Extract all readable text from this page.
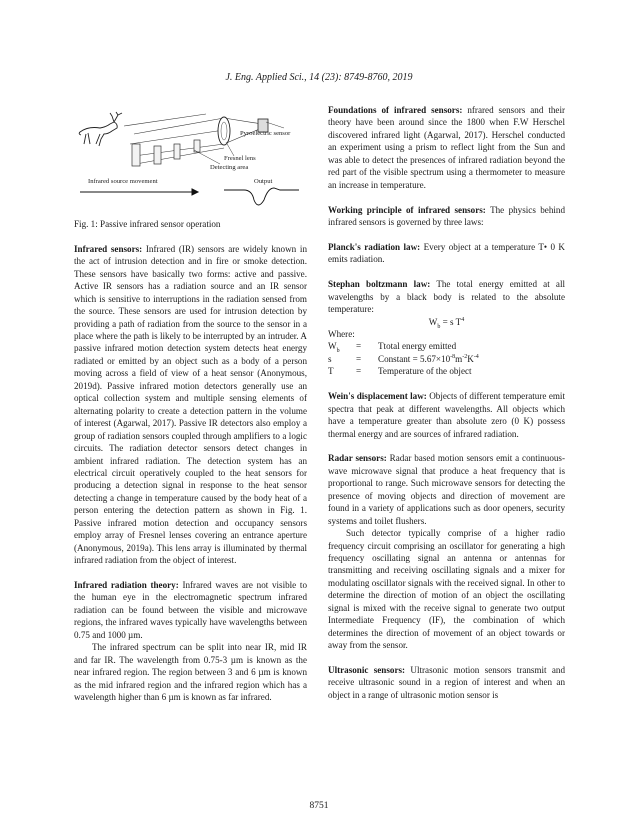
J. Eng. Applied Sci., 14 (23): 8749-8760, 2019
Pyroelectric sensor
Fresnel lens
Detecting area
Infrared source movement	Output

Fig. 1: Passive infrared sensor operation

Infrared sensors: Infrared (IR) sensors are widely known in the act of intrusion detection and in fire or smoke detection. These sensors have basically two forms: active and passive. Active IR sensors has a radiation source and an IR sensor which is sensitive to interruptions in the radiation sensed from the source. These sensors are used for intrusion detection by providing a path of radiation from the source to the sensor in a place where the path is likely to be interrupted by an intruder. A passive infrared motion detection system detects heat energy radiated or emitted by an object such as a body of a person moving across a field of view of a heat sensor (Anonymous, 2019d). Passive infrared motion detectors generally use an optical collection system and multiple sensing elements of alternating polarity to create a detection pattern in the volume of interest (Agarwal, 2017). Passive IR detectors also employ a group of radiation sensors coupled through amplifiers to a logic circuits. The radiation detector sensors detect changes in ambient infrared radiation. The detection system has an electrical circuit operatively coupled to the heat sensors for producing a detection signal in response to the heat sensor detecting a change in temperature caused by the body heat of a person entering the detection pattern as shown in Fig. 1. Passive infrared motion detection and occupancy sensors employ array of Fresnel lenses covering an entrance aperture (Anonymous, 2019a). This lens array is illuminated by thermal infrared radiation from the object of interest.

Infrared radiation theory: Infrared waves are not visible to the human eye in the electromagnetic spectrum infrared radiation can be found between the visible and microwave regions, the infrared waves typically have wavelengths between 0.75 and 1000 µm.

The infrared spectrum can be split into near IR, mid IR and far IR. The wavelength from 0.75-3 µm is known as the near infrared region. The region between 3 and 6 µm is known as the mid infrared region and the infrared region which has a wavelength higher than 6 µm is known as far infrared.

Foundations of infrared sensors: nfrared sensors and their theory have been around since the 1800 when F.W Herschel discovered infrared light (Agarwal, 2017). Herschel conducted an experiment using a prism to reflect light from the Sun and was able to detect the presences of infrared radiation beyond the red part of the visible spectrum using a thermometer to measure an increase in temperature.

Working principle of infrared sensors: The physics behind infrared sensors is governed by three laws:

Planck's radiation law: Every object at a temperature T• 0 K emits radiation.

Stephan boltzmann law: The total energy emitted at all wavelengths by a black body is related to the absolute temperature:

$W_b = s$ $T^4$

Where:

$W_b$	=	Ttotal energy emitted
s	=	Constant = $5.67\times 10^{-8}m^{-2}K^{-4}$
T	=	Temperature of the object

Wein's displacement law: Objects of different temperature emit spectra that peak at different wavelengths. All objects which have a temperature greater than absolute zero (0 K) possess thermal energy and are sources of infrared radiation.

Radar sensors: Radar based motion sensors emit a continuous-wave microwave signal that produce a heat frequency that is proportional to range. Such microwave sensors for detecting the presence of moving objects and direction of movement are found in a variety of applications such as door openers, security systems and toilet flushers.

Such detector typically comprise of a higher radio frequency circuit comprising an oscillator for generating a high frequency oscillating signal an antenna or antennas for transmitting and receiving oscillating signals and a mixer for modulating oscillator signals with the received signal. In other to determine the direction of motion of an object the oscillating signal is mixed with the receive signal to generate two output Intermediate Frequency (IF), the combination of which determines the direction of movement of an object towards or away from the sensor.

Ultrasonic sensors: Ultrasonic motion sensors transmit and receive ultrasonic sound in a region of interest and when an object in a range of ultrasonic motion sensor is

8751
